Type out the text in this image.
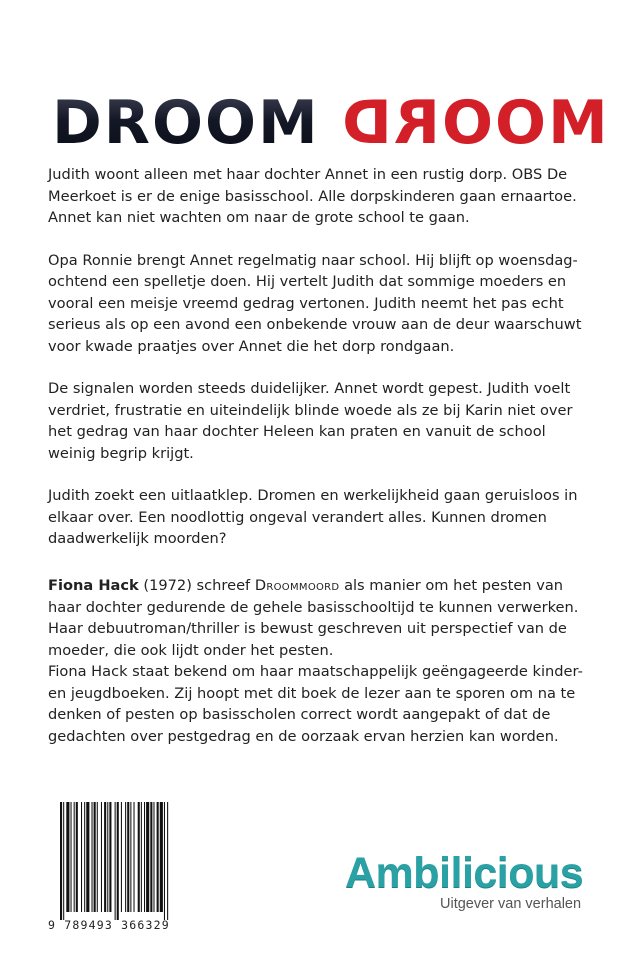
DROOM MOORD

Judith woont alleen met haar dochter Annet in een rustig dorp. OBS De Meerkoet is er de enige basisschool. Alle dorpskinderen gaan ernaartoe. Annet kan niet wachten om naar de grote school te gaan.

Opa Ronnie brengt Annet regelmatig naar school. Hij blijft op woensdag-ochtend een spelletje doen. Hij vertelt Judith dat sommige moeders en vooral een meisje vreemd gedrag vertonen. Judith neemt het pas echt serieus als op een avond een onbekende vrouw aan de deur waarschuwt voor kwade praatjes over Annet die het dorp rondgaan.

De signalen worden steeds duidelijker. Annet wordt gepest. Judith voelt verdriet, frustratie en uiteindelijk blinde woede als ze bij Karin niet over het gedrag van haar dochter Heleen kan praten en vanuit de school weinig begrip krijgt.

Judith zoekt een uitlaatklep. Dromen en werkelijkheid gaan geruisloos in elkaar over. Een noodlottig ongeval verandert alles. Kunnen dromen daadwerkelijk moorden?

Fiona Hack (1972) schreef Droommoord als manier om het pesten van haar dochter gedurende de gehele basisschooltijd te kunnen verwerken. Haar debuutroman/thriller is bewust geschreven uit perspectief van de moeder, die ook lijdt onder het pesten.

Fiona Hack staat bekend om haar maatschappelijk geëngageerde kinder- en jeugdboeken. Zij hoopt met dit boek de lezer aan te sporen om na te denken of pesten op basisscholen correct wordt aangepakt of dat de gedachten over pestgedrag en de oorzaak ervan herzien kan worden.

9 789493 366329
Ambilicious
Uitgever van verhalen
